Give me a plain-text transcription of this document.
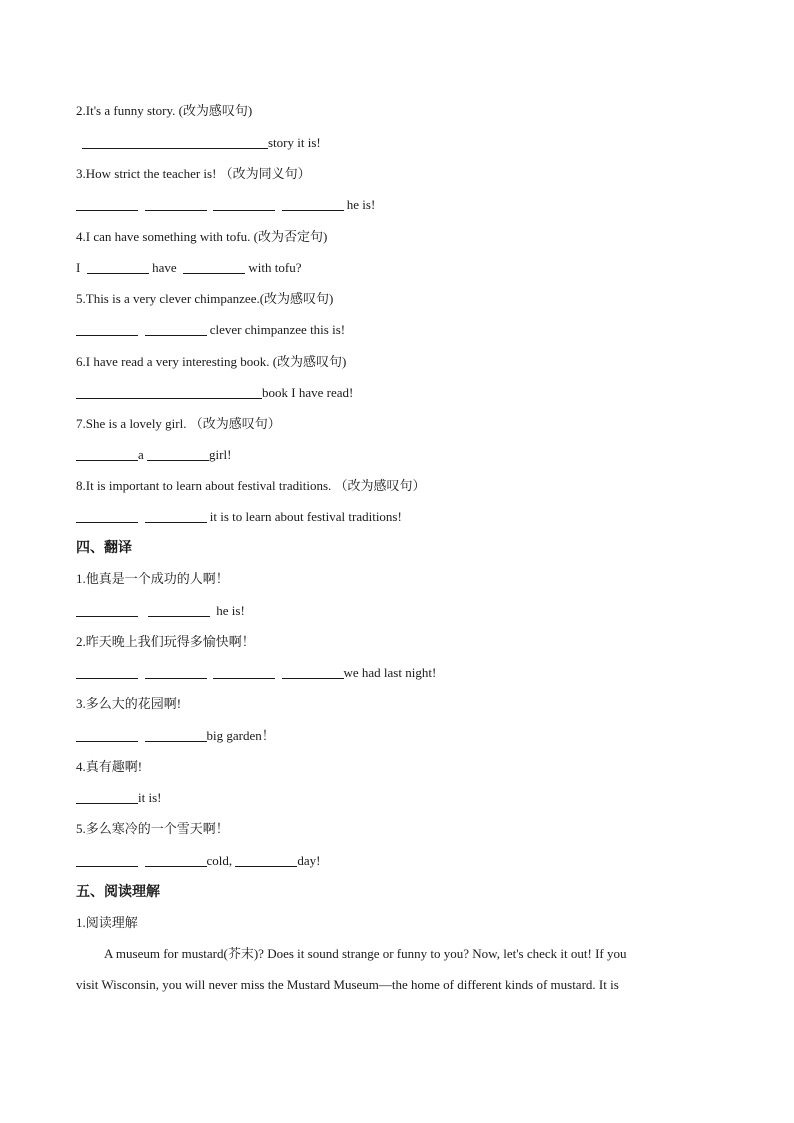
2.It's a funny story. (改为感叹句)
story it is!
3.How strict the teacher is! （改为同义句）
he is!
4.I can have something with tofu. (改为否定句)
I	have	with tofu?
5.This is a very clever chimpanzee.(改为感叹句)
clever chimpanzee this is!
6.I have read a very interesting book. (改为感叹句)
book I have read!
7.She is a lovely girl. （改为感叹句）
a	girl!
8.It is important to learn about festival traditions. （改为感叹句）
it is to learn about festival traditions!
四、翻译
1.他真是一个成功的人啊！
he is!
2.昨天晚上我们玩得多愉快啊！
we had last night!
3.多么大的花园啊!
big garden！
4.真有趣啊!
it is!
5.多么寒冷的一个雪天啊！
cold,	day!
五、阅读理解
1.阅读理解
A museum for mustard(芥末)? Does it sound strange or funny to you? Now, let's check it out! If you
visit Wisconsin, you will never miss the Mustard Museum—the home of different kinds of mustard. It is
